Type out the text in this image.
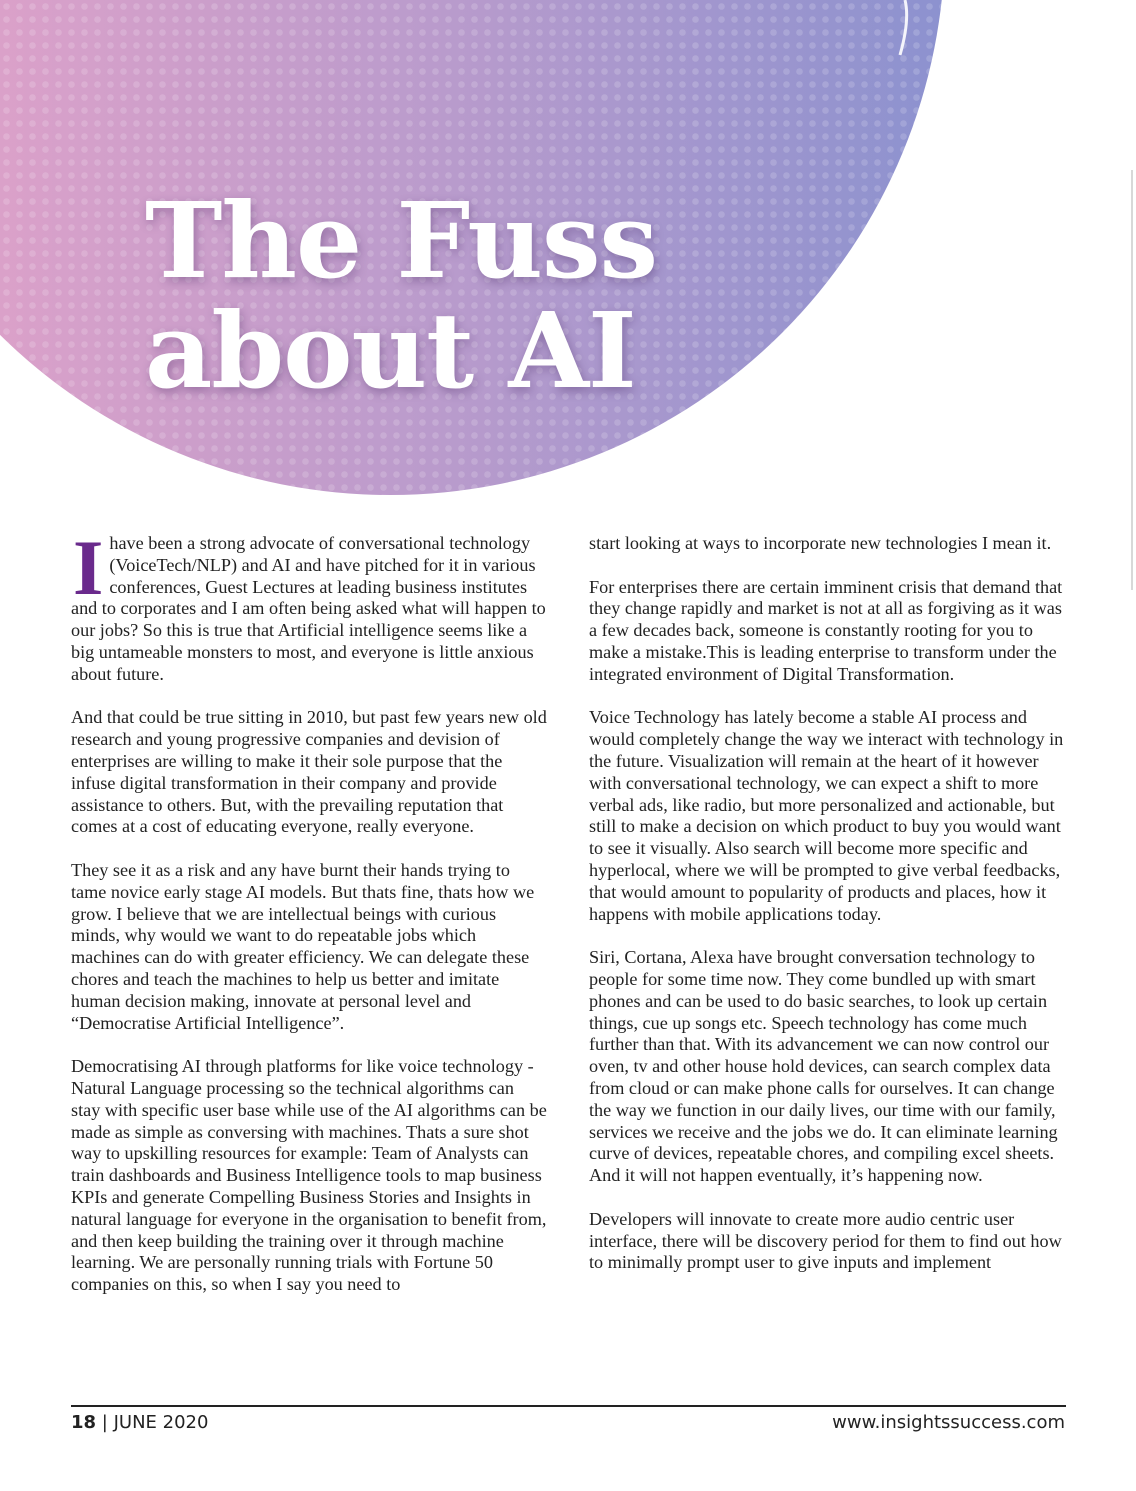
The Fuss
about AI

I have been a strong advocate of conversational technology (VoiceTech/NLP) and AI and have pitched for it in various conferences, Guest Lectures at leading business institutes and to corporates and I am often being asked what will happen to our jobs? So this is true that Artificial intelligence seems like a big untameable monsters to most, and everyone is little anxious about future.

And that could be true sitting in 2010, but past few years new old research and young progressive companies and devision of enterprises are willing to make it their sole purpose that the infuse digital transformation in their company and provide assistance to others. But, with the prevailing reputation that comes at a cost of educating everyone, really everyone.

They see it as a risk and any have burnt their hands trying to tame novice early stage AI models. But thats fine, thats how we grow. I believe that we are intellectual beings with curious minds, why would we want to do repeatable jobs which machines can do with greater efficiency. We can delegate these chores and teach the machines to help us better and imitate human decision making, innovate at personal level and “Democratise Artificial Intelligence”.

Democratising AI through platforms for like voice technology - Natural Language processing so the technical algorithms can stay with specific user base while use of the AI algorithms can be made as simple as conversing with machines. Thats a sure shot way to upskilling resources for example: Team of Analysts can train dashboards and Business Intelligence tools to map business KPIs and generate Compelling Business Stories and Insights in natural language for everyone in the organisation to benefit from, and then keep building the training over it through machine learning. We are personally running trials with Fortune 50 companies on this, so when I say you need to

start looking at ways to incorporate new technologies I mean it.

For enterprises there are certain imminent crisis that demand that they change rapidly and market is not at all as forgiving as it was a few decades back, someone is constantly rooting for you to make a mistake.This is leading enterprise to transform under the integrated environment of Digital Transformation.

Voice Technology has lately become a stable AI process and would completely change the way we interact with technology in the future. Visualization will remain at the heart of it however with conversational technology, we can expect a shift to more verbal ads, like radio, but more personalized and actionable, but still to make a decision on which product to buy you would want to see it visually. Also search will become more specific and hyperlocal, where we will be prompted to give verbal feedbacks, that would amount to popularity of products and places, how it happens with mobile applications today.

Siri, Cortana, Alexa have brought conversation technology to people for some time now. They come bundled up with smart phones and can be used to do basic searches, to look up certain things, cue up songs etc. Speech technology has come much further than that. With its advancement we can now control our oven, tv and other house hold devices, can search complex data from cloud or can make phone calls for ourselves. It can change the way we function in our daily lives, our time with our family, services we receive and the jobs we do. It can eliminate learning curve of devices, repeatable chores, and compiling excel sheets. And it will not happen eventually, it’s happening now.

Developers will innovate to create more audio centric user interface, there will be discovery period for them to find out how to minimally prompt user to give inputs and implement

18 | JUNE 2020	www.insightssuccess.com
